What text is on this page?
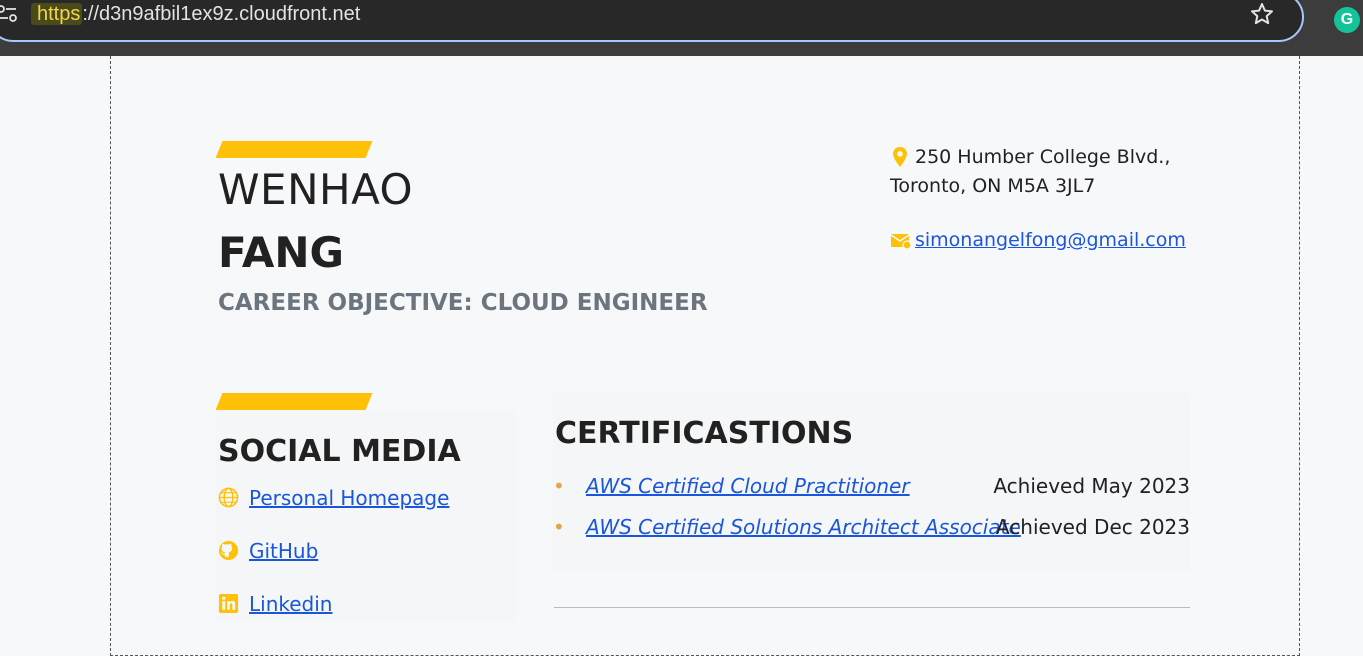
https ://d3n9afbil1ex9z.cloudfront.net	G
WENHAO
FANG
CAREER OBJECTIVE: CLOUD ENGINEER
250 Humber College Blvd.,
Toronto, ON M5A 3JL7
simonangelfong@gmail.com
SOCIAL MEDIA
Personal Homepage
GitHub
Linkedin
CERTIFICASTIONS
• AWS Certified Cloud Practitioner	Achieved May 2023
• AWS Certified Solutions Architect Associate
Achieved Dec 2023
